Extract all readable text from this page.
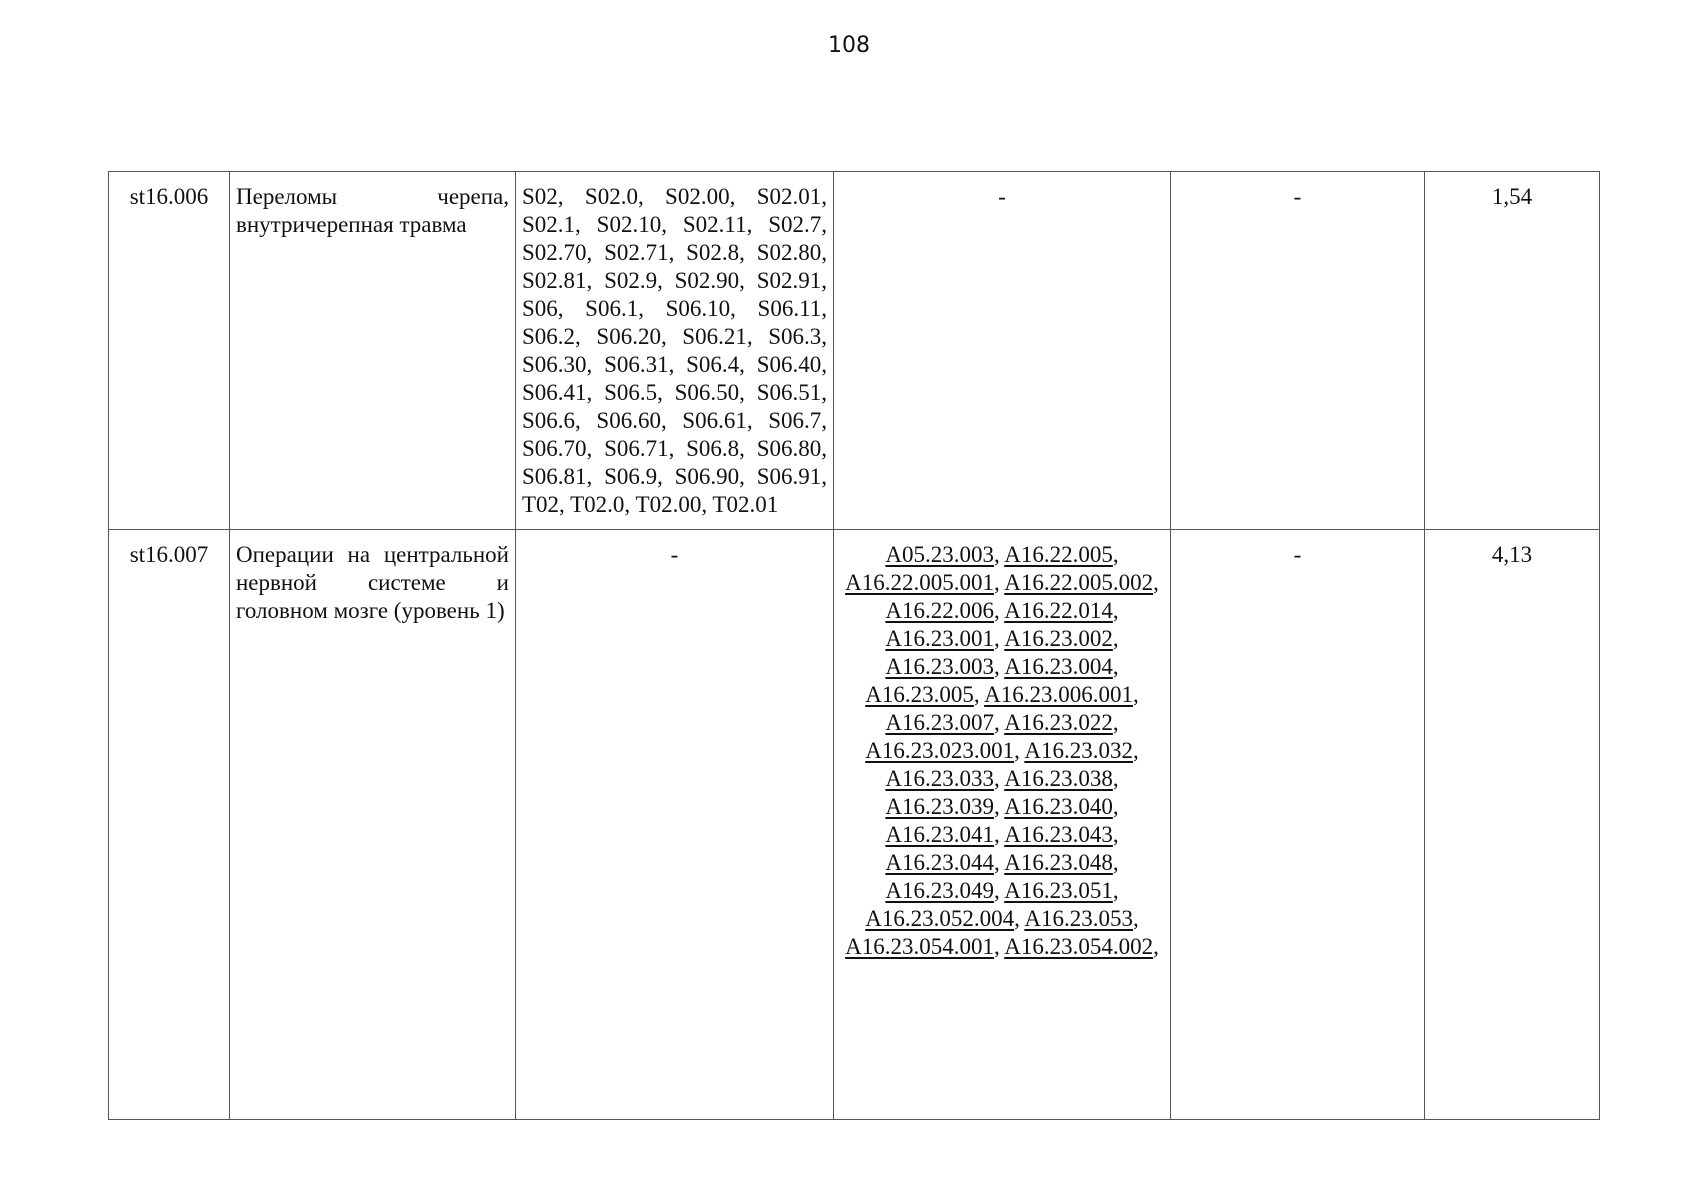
108
st16.006	Переломы черепа, внутричерепная травма	S02, S02.0, S02.00, S02.01, S02.1, S02.10, S02.11, S02.7, S02.70, S02.71, S02.8, S02.80, S02.81, S02.9, S02.90, S02.91, S06, S06.1, S06.10, S06.11, S06.2, S06.20, S06.21, S06.3, S06.30, S06.31, S06.4, S06.40, S06.41, S06.5, S06.50, S06.51, S06.6, S06.60, S06.61, S06.7, S06.70, S06.71, S06.8, S06.80, S06.81, S06.9, S06.90, S06.91, T02, T02.0, T02.00, T02.01	-	-	1,54
st16.007	Операции на центральной нервной системе и головном мозге (уровень 1)	-	A05.23.003, A16.22.005, A16.22.005.001, A16.22.005.002, A16.22.006, A16.22.014, A16.23.001, A16.23.002, A16.23.003, A16.23.004, A16.23.005, A16.23.006.001, A16.23.007, A16.23.022, A16.23.023.001, A16.23.032, A16.23.033, A16.23.038, A16.23.039, A16.23.040, A16.23.041, A16.23.043, A16.23.044, A16.23.048, A16.23.049, A16.23.051, A16.23.052.004, A16.23.053, A16.23.054.001, A16.23.054.002,	-	4,13
